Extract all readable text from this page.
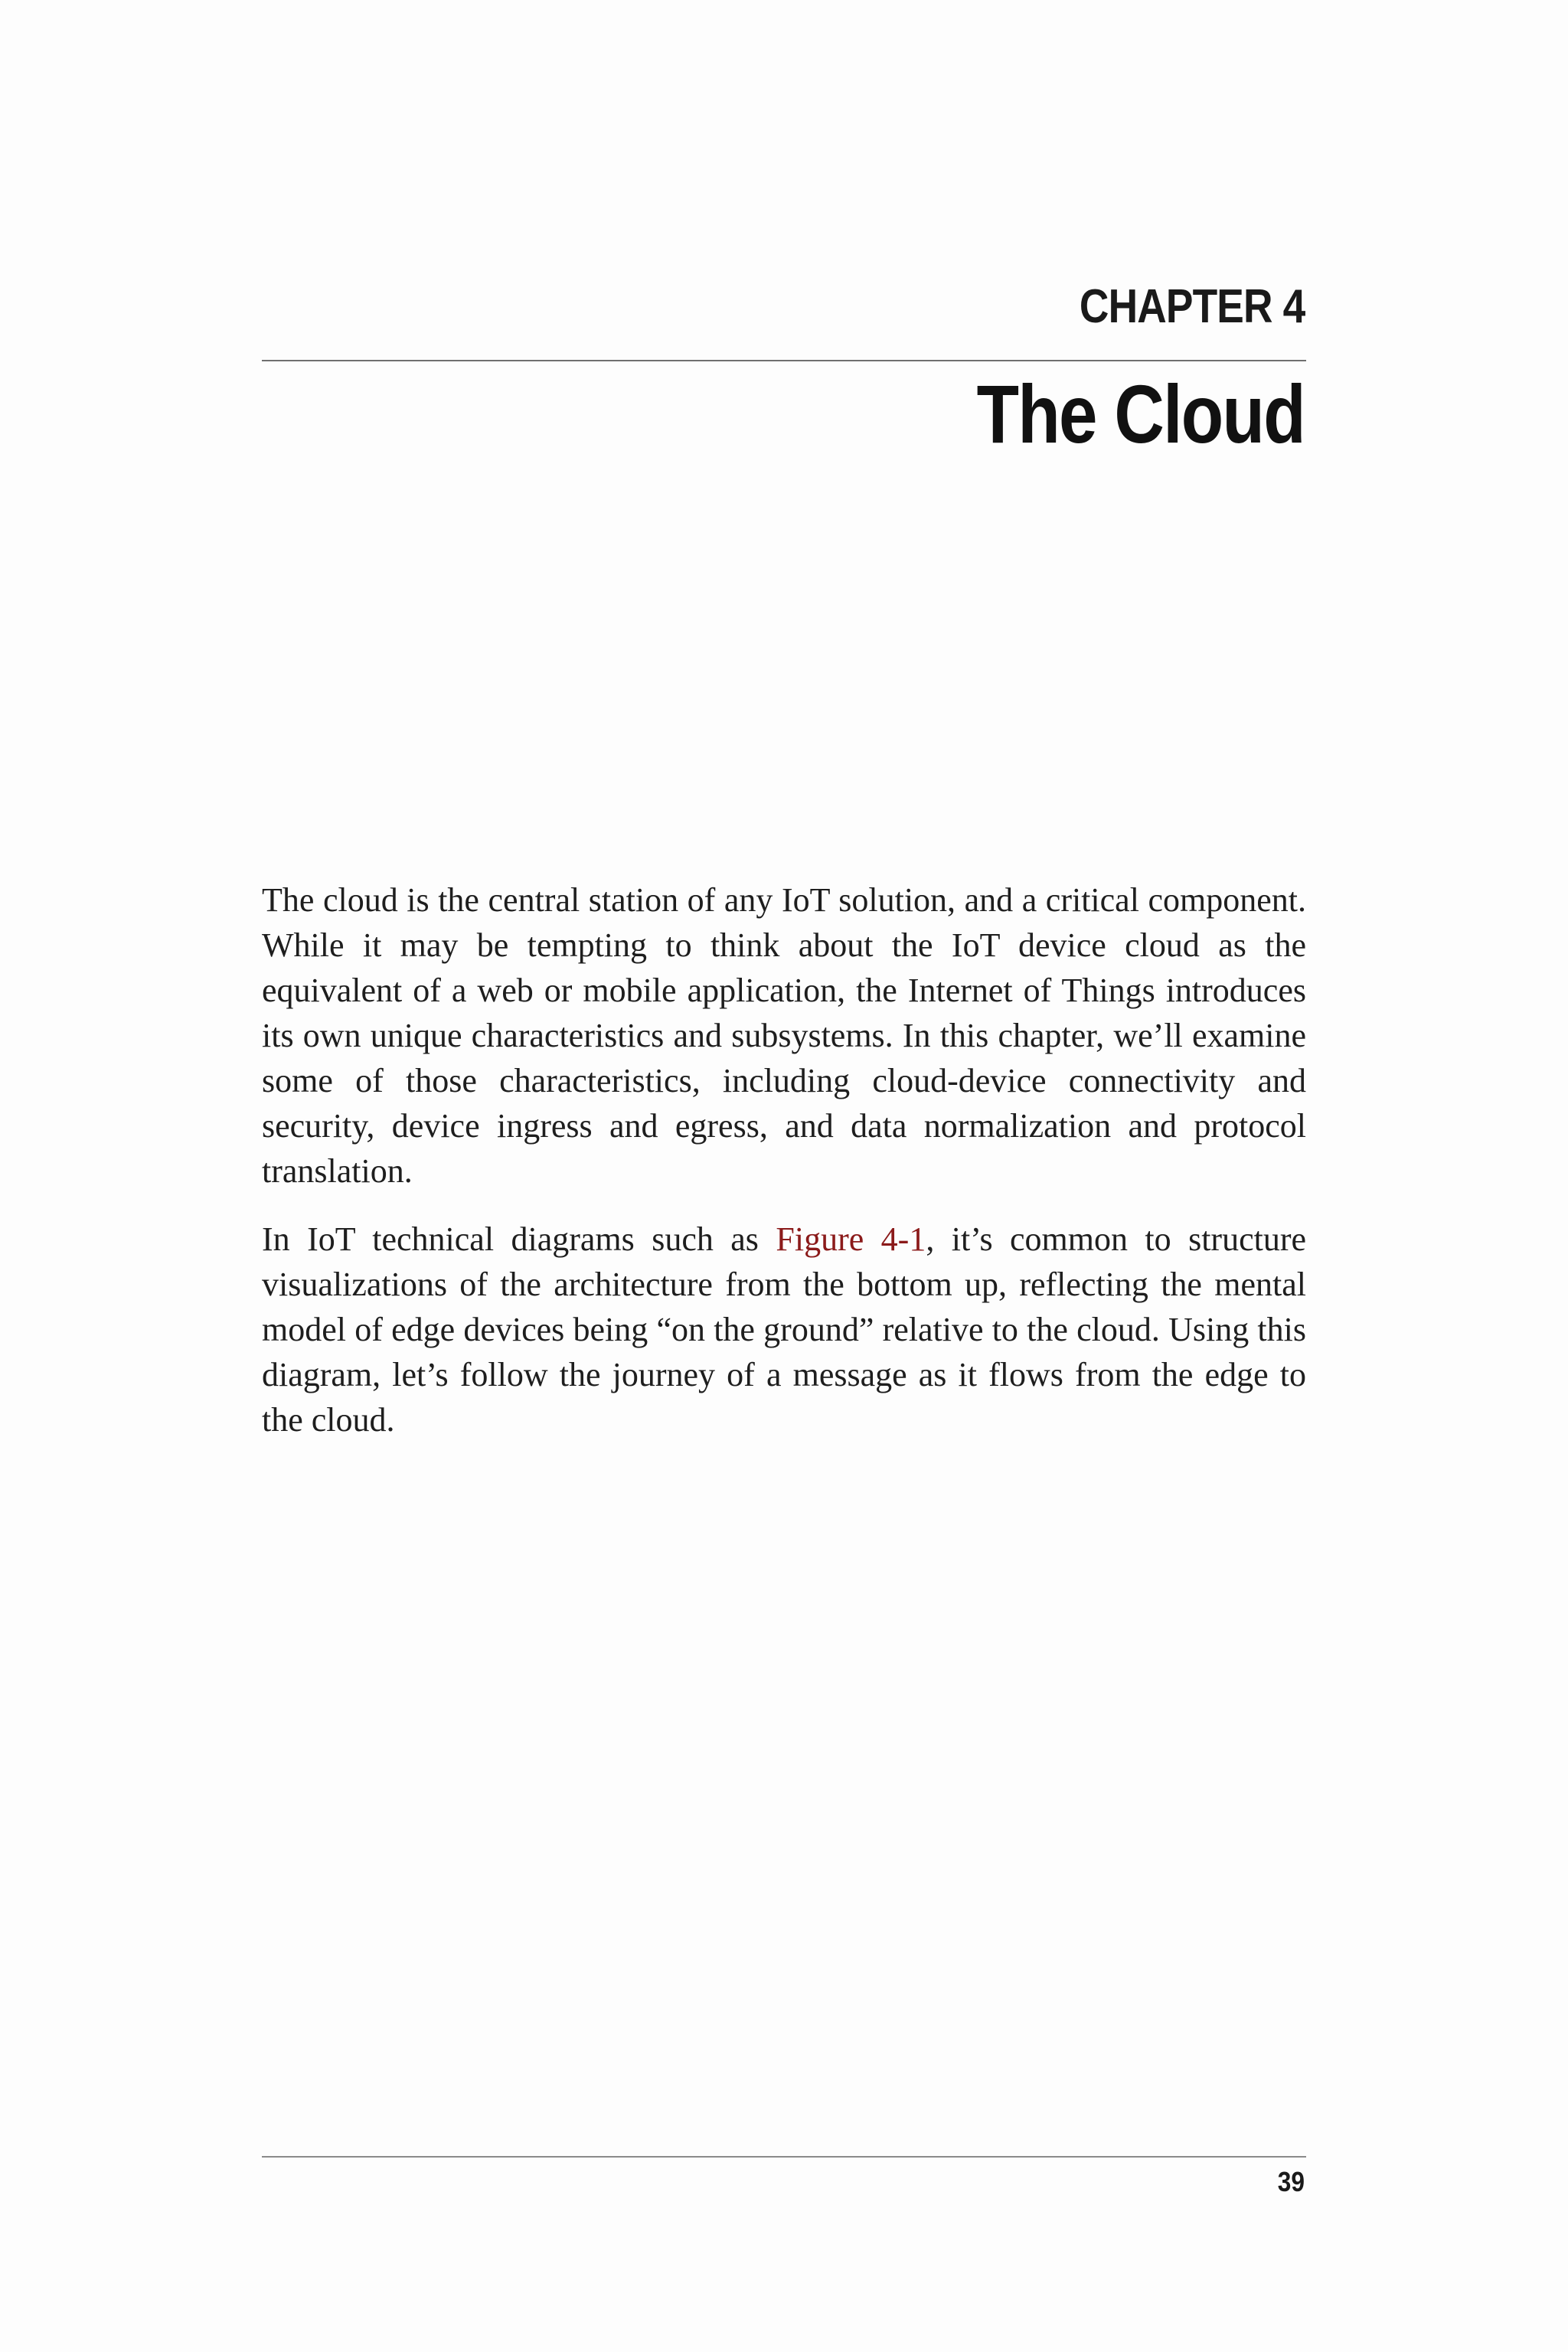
CHAPTER 4
The Cloud

The cloud is the central station of any IoT solution, and a critical component. While it may be tempting to think about the IoT device cloud as the equivalent of a web or mobile application, the Internet of Things introduces its own unique characteristics and subsystems. In this chapter, we’ll examine some of those characteristics, including cloud-device connectivity and security, device ingress and egress, and data normalization and protocol translation.

In IoT technical diagrams such as Figure 4-1, it’s common to structure visualizations of the architecture from the bottom up, reflecting the mental model of edge devices being “on the ground” relative to the cloud. Using this diagram, let’s follow the journey of a message as it flows from the edge to the cloud.

39
